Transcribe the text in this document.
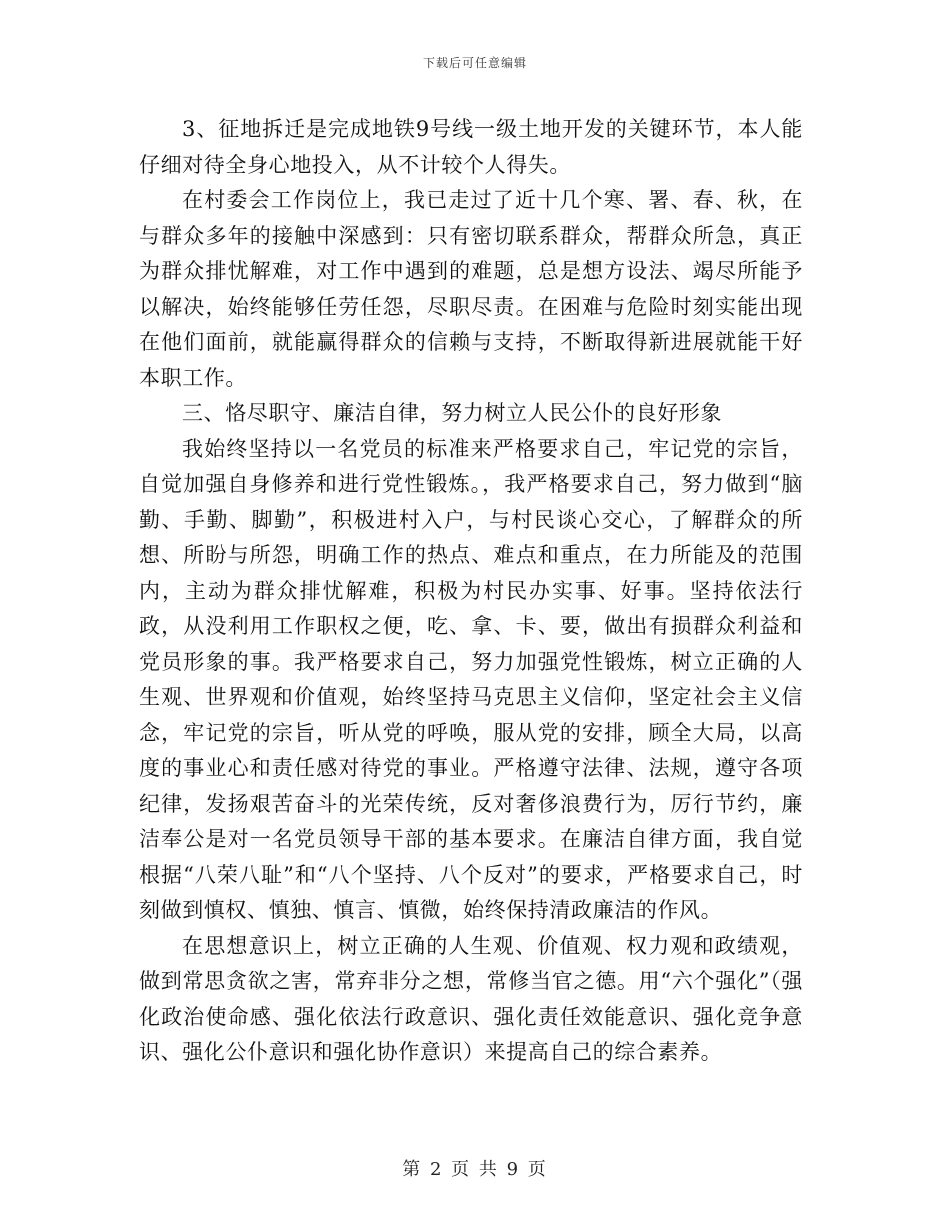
下载后可任意编辑

3、征地拆迁是完成地铁9号线一级土地开发的关键环节，本人能仔细对待全身心地投入，从不计较个人得失。

在村委会工作岗位上，我已走过了近十几个寒、署、春、秋，在与群众多年的接触中深感到：只有密切联系群众，帮群众所急，真正为群众排忧解难，对工作中遇到的难题，总是想方设法、竭尽所能予以解决，始终能够任劳任怨，尽职尽责。在困难与危险时刻实能出现在他们面前，就能赢得群众的信赖与支持，不断取得新进展就能干好本职工作。

三、恪尽职守、廉洁自律，努力树立人民公仆的良好形象

我始终坚持以一名党员的标准来严格要求自己，牢记党的宗旨，自觉加强自身修养和进行党性锻炼。，我严格要求自己，努力做到“脑勤、手勤、脚勤”，积极进村入户，与村民谈心交心，了解群众的所想、所盼与所怨，明确工作的热点、难点和重点，在力所能及的范围内，主动为群众排忧解难，积极为村民办实事、好事。坚持依法行政，从没利用工作职权之便，吃、拿、卡、要，做出有损群众利益和党员形象的事。我严格要求自己，努力加强党性锻炼，树立正确的人生观、世界观和价值观，始终坚持马克思主义信仰，坚定社会主义信念，牢记党的宗旨，听从党的呼唤，服从党的安排，顾全大局，以高度的事业心和责任感对待党的事业。严格遵守法律、法规，遵守各项纪律，发扬艰苦奋斗的光荣传统，反对奢侈浪费行为，厉行节约，廉洁奉公是对一名党员领导干部的基本要求。在廉洁自律方面，我自觉根据“八荣八耻”和“八个坚持、八个反对”的要求，严格要求自己，时刻做到慎权、慎独、慎言、慎微，始终保持清政廉洁的作风。

在思想意识上，树立正确的人生观、价值观、权力观和政绩观，做到常思贪欲之害，常弃非分之想，常修当官之德。用“六个强化”（强化政治使命感、强化依法行政意识、强化责任效能意识、强化竞争意识、强化公仆意识和强化协作意识）来提高自己的综合素养。

第 2 页 共 9 页
